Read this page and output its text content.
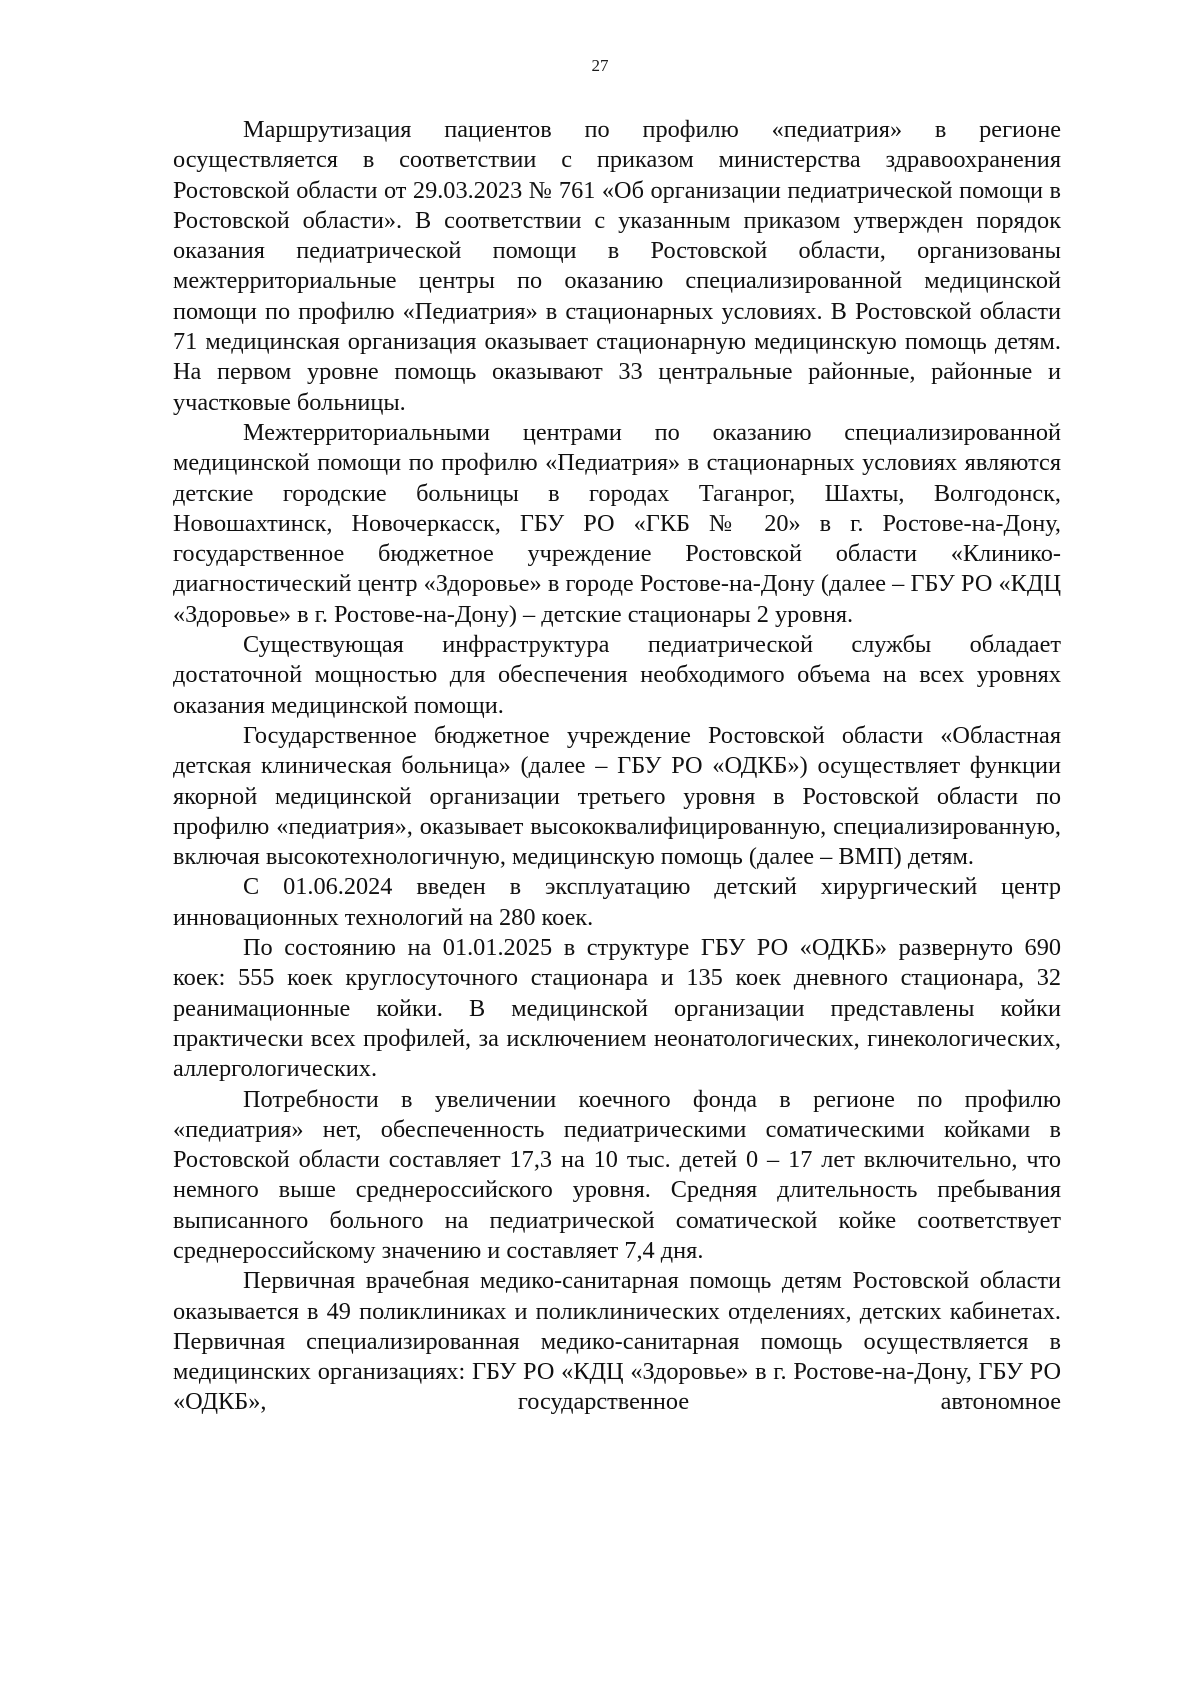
27

Маршрутизация пациентов по профилю «педиатрия» в регионе осуществляется в соответствии с приказом министерства здравоохранения Ростовской области от 29.03.2023 № 761 «Об организации педиатрической помощи в Ростовской области». В соответствии с указанным приказом утвержден порядок оказания педиатрической помощи в Ростовской области, организованы межтерриториальные центры по оказанию специализированной медицинской помощи по профилю «Педиатрия» в стационарных условиях. В Ростовской области 71 медицинская организация оказывает стационарную медицинскую помощь детям. На первом уровне помощь оказывают 33 центральные районные, районные и участковые больницы.

Межтерриториальными центрами по оказанию специализированной медицинской помощи по профилю «Педиатрия» в стационарных условиях являются детские городские больницы в городах Таганрог, Шахты, Волгодонск, Новошахтинск, Новочеркасск, ГБУ РО «ГКБ № 20» в г. Ростове-на-Дону, государственное бюджетное учреждение Ростовской области «Клинико-диагностический центр «Здоровье» в городе Ростове-на-Дону (далее – ГБУ РО «КДЦ «Здоровье» в г. Ростове-на-Дону) – детские стационары 2 уровня.

Существующая инфраструктура педиатрической службы обладает достаточной мощностью для обеспечения необходимого объема на всех уровнях оказания медицинской помощи.

Государственное бюджетное учреждение Ростовской области «Областная детская клиническая больница» (далее – ГБУ РО «ОДКБ») осуществляет функции якорной медицинской организации третьего уровня в Ростовской области по профилю «педиатрия», оказывает высококвалифицированную, специализированную, включая высокотехнологичную, медицинскую помощь (далее – ВМП) детям.

С 01.06.2024 введен в эксплуатацию детский хирургический центр инновационных технологий на 280 коек.

По состоянию на 01.01.2025 в структуре ГБУ РО «ОДКБ» развернуто 690 коек: 555 коек круглосуточного стационара и 135 коек дневного стационара, 32 реанимационные койки. В медицинской организации представлены койки практически всех профилей, за исключением неонатологических, гинекологических, аллергологических.

Потребности в увеличении коечного фонда в регионе по профилю «педиатрия» нет, обеспеченность педиатрическими соматическими койками в Ростовской области составляет 17,3 на 10 тыс. детей 0 – 17 лет включительно, что немного выше среднероссийского уровня. Средняя длительность пребывания выписанного больного на педиатрической соматической койке соответствует среднероссийскому значению и составляет 7,4 дня.

Первичная врачебная медико-санитарная помощь детям Ростовской области оказывается в 49 поликлиниках и поликлинических отделениях, детских кабинетах. Первичная специализированная медико-санитарная помощь осуществляется в медицинских организациях: ГБУ РО «КДЦ «Здоровье» в г. Ростове-на-Дону, ГБУ РО «ОДКБ», государственное автономное
